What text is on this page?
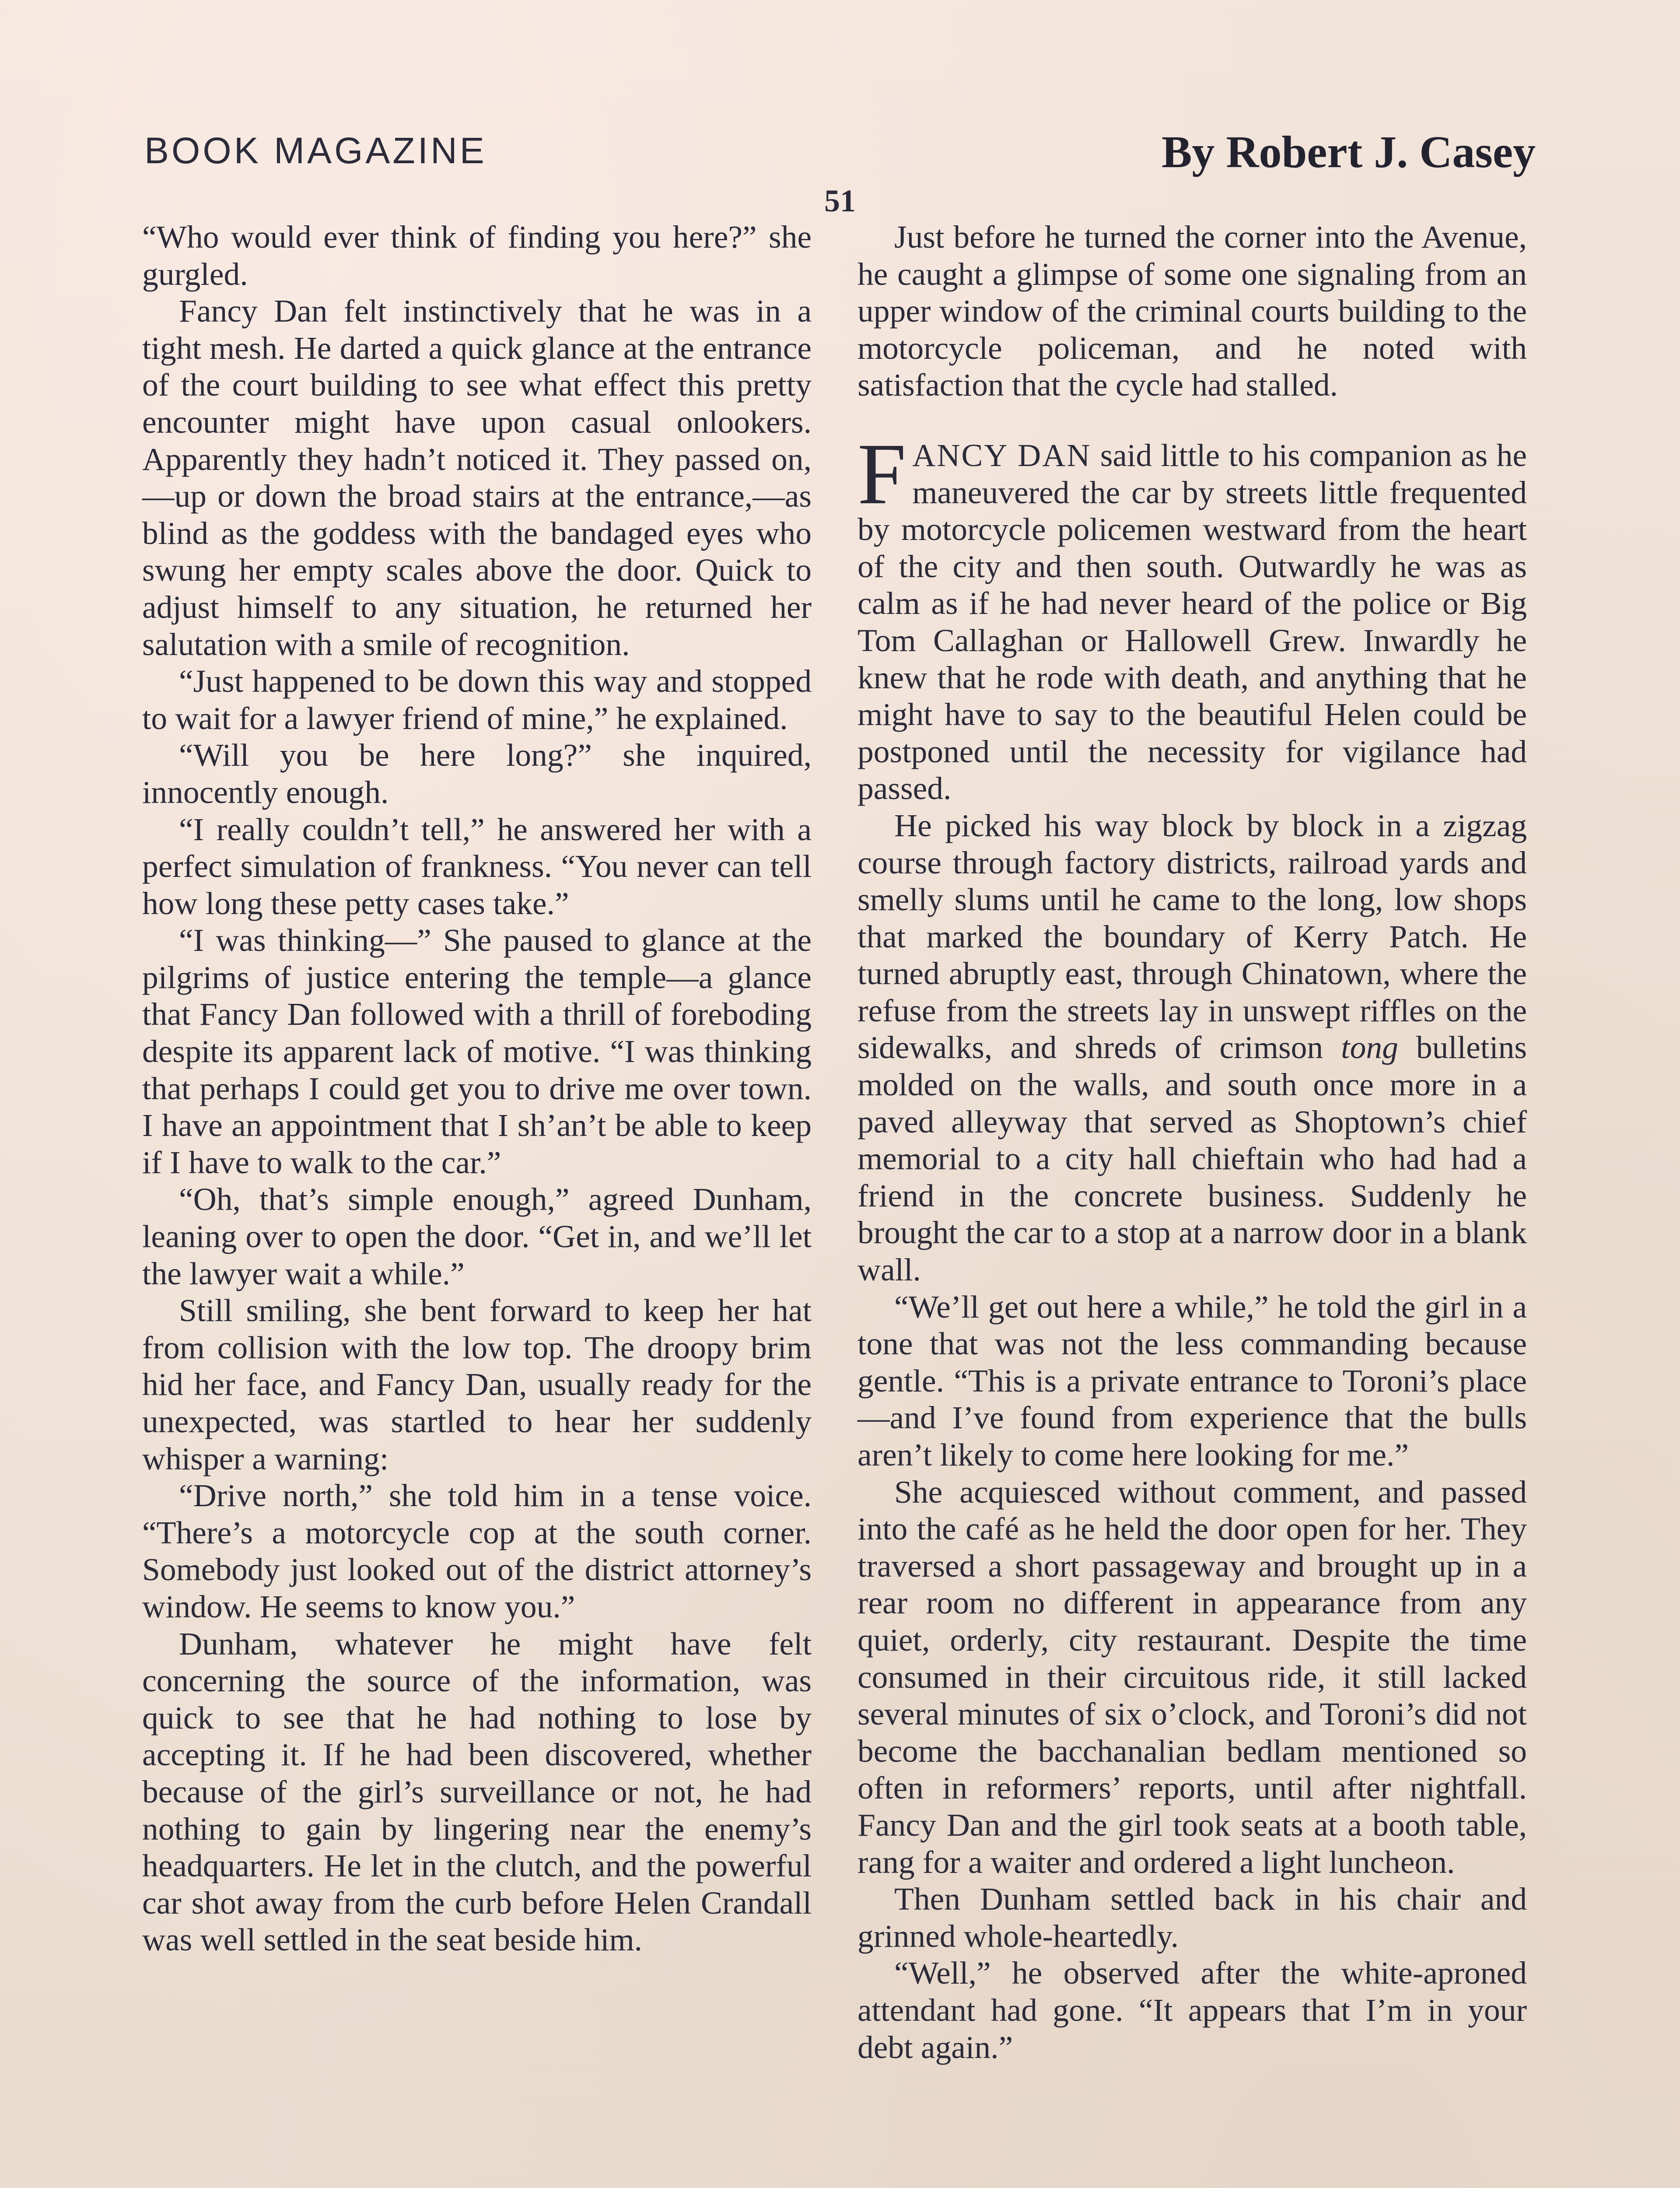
BOOK MAGAZINE	By Robert J. Casey
51

“Who would ever think of finding you here?” she gurgled.

Fancy Dan felt instinctively that he was in a tight mesh. He darted a quick glance at the entrance of the court building to see what effect this pretty encounter might have upon casual onlookers. Apparently they hadn’t noticed it. They passed on,—up or down the broad stairs at the entrance,—as blind as the goddess with the bandaged eyes who swung her empty scales above the door. Quick to adjust himself to any situation, he returned her salutation with a smile of recognition.

“Just happened to be down this way and stopped to wait for a lawyer friend of mine,” he explained.

“Will you be here long?” she inquired, innocently enough.

“I really couldn’t tell,” he answered her with a perfect simulation of frankness. “You never can tell how long these petty cases take.”

“I was thinking—” She paused to glance at the pilgrims of justice entering the temple—a glance that Fancy Dan followed with a thrill of foreboding despite its apparent lack of motive. “I was thinking that perhaps I could get you to drive me over town. I have an appointment that I sh’an’t be able to keep if I have to walk to the car.”

“Oh, that’s simple enough,” agreed Dunham, leaning over to open the door. “Get in, and we’ll let the lawyer wait a while.”

Still smiling, she bent forward to keep her hat from collision with the low top. The droopy brim hid her face, and Fancy Dan, usually ready for the unexpected, was startled to hear her suddenly whisper a warning:

“Drive north,” she told him in a tense voice. “There’s a motorcycle cop at the south corner. Somebody just looked out of the district attorney’s window. He seems to know you.”

Dunham, whatever he might have felt concerning the source of the information, was quick to see that he had nothing to lose by accepting it. If he had been discovered, whether because of the girl’s surveillance or not, he had nothing to gain by lingering near the enemy’s headquarters. He let in the clutch, and the powerful car shot away from the curb before Helen Crandall was well settled in the seat beside him.

Just before he turned the corner into the Avenue, he caught a glimpse of some one signaling from an upper window of the criminal courts building to the motorcycle policeman, and he noted with satisfaction that the cycle had stalled.

FANCY DAN said little to his companion as he maneuvered the car by streets little frequented by motorcycle policemen westward from the heart of the city and then south. Outwardly he was as calm as if he had never heard of the police or Big Tom Callaghan or Hallowell Grew. Inwardly he knew that he rode with death, and anything that he might have to say to the beautiful Helen could be postponed until the necessity for vigilance had passed.

He picked his way block by block in a zigzag course through factory districts, railroad yards and smelly slums until he came to the long, low shops that marked the boundary of Kerry Patch. He turned abruptly east, through Chinatown, where the refuse from the streets lay in unswept riffles on the sidewalks, and shreds of crimson tong bulletins molded on the walls, and south once more in a paved alleyway that served as Shoptown’s chief memorial to a city hall chieftain who had had a friend in the concrete business. Suddenly he brought the car to a stop at a narrow door in a blank wall.

“We’ll get out here a while,” he told the girl in a tone that was not the less commanding because gentle. “This is a private entrance to Toroni’s place—and I’ve found from experience that the bulls aren’t likely to come here looking for me.”

She acquiesced without comment, and passed into the café as he held the door open for her. They traversed a short passageway and brought up in a rear room no different in appearance from any quiet, orderly, city restaurant. Despite the time consumed in their circuitous ride, it still lacked several minutes of six o’clock, and Toroni’s did not become the bacchanalian bedlam mentioned so often in reformers’ reports, until after nightfall. Fancy Dan and the girl took seats at a booth table, rang for a waiter and ordered a light luncheon.

Then Dunham settled back in his chair and grinned whole-heartedly.

“Well,” he observed after the white-aproned attendant had gone. “It appears that I’m in your debt again.”
